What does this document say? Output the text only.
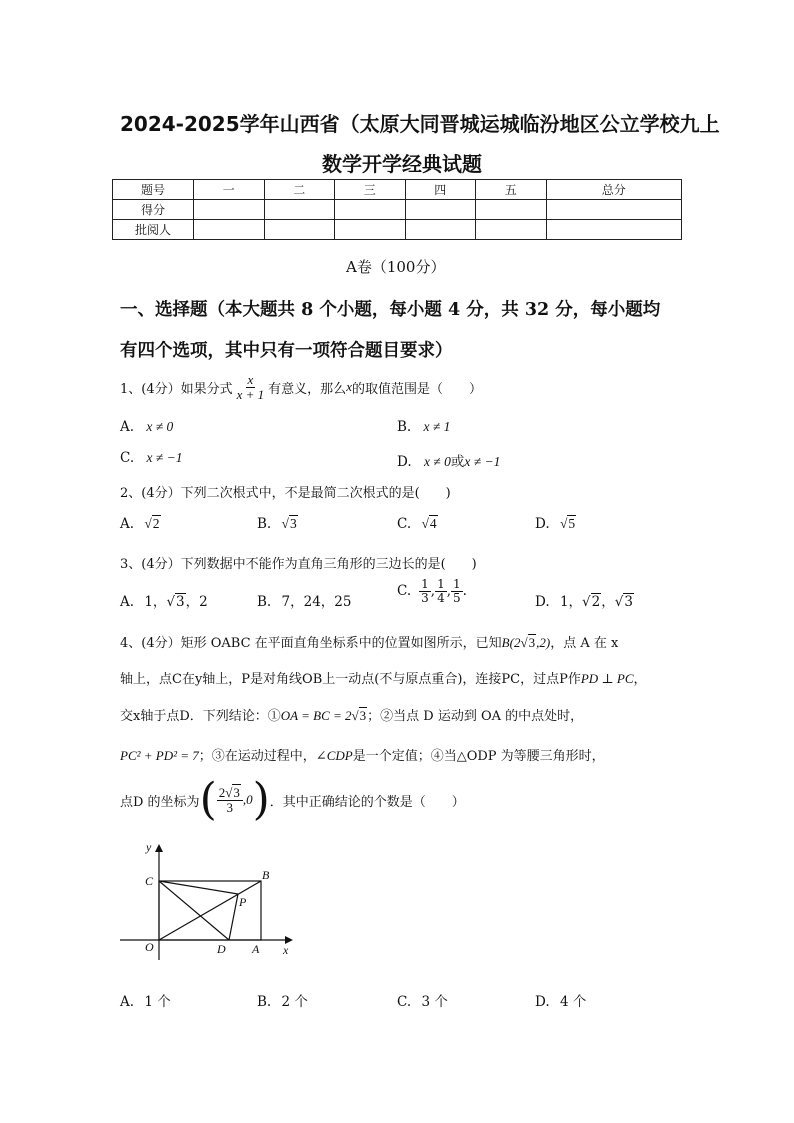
2024-2025学年山西省（太原大同晋城运城临汾地区公立学校九上
数学开学经典试题
题号	一	二	三	四	五	总分
得分						
批阅人						
A卷（100分）
一、选择题（本大题共 8 个小题，每小题 4 分，共 32 分，每小题均
有四个选项，其中只有一项符合题目要求）
1、(4分）如果分式 $\frac{x}{x + 1}$ 有意义，那么 x 的取值范围是（　　）
A. x ≠ 0	B. x ≠ 1
C. x ≠ −1	D. x ≠ 0或x ≠ −1
2、(4分）下列二次根式中，不是最简二次根式的是(　　)
A. √2	B. √3	C. √4	D. √5
3、(4分）下列数据中不能作为直角三角形的三边长的是(　　)
A. 1，√3，2	B. 7，24，25
C. $\frac{1}{3}$ , $\frac{1}{4}$ , $\frac{1}{5}$ .
D. 1，√2，√3
4、(4分）矩形 OABC 在平面直角坐标系中的位置如图所示，已知B(2√3,2)，点 A 在 x
轴上，点C在y轴上，P是对角线OB上一动点(不与原点重合)，连接PC，过点P作PD ⊥ PC，
交x轴于点D．下列结论：①OA = BC = 2√3；②当点 D 运动到 OA 的中点处时，
PC² + PD² = 7；③在运动过程中，∠CDP是一个定值；④当△ODP 为等腰三角形时，
点D 的坐标为 ( $\frac{2√3}{3} ,0$ ) ．其中正确结论的个数是（　　）
y
x
O	A
B
C
D
P
A. 1 个	B. 2 个	C. 3 个	D. 4 个
